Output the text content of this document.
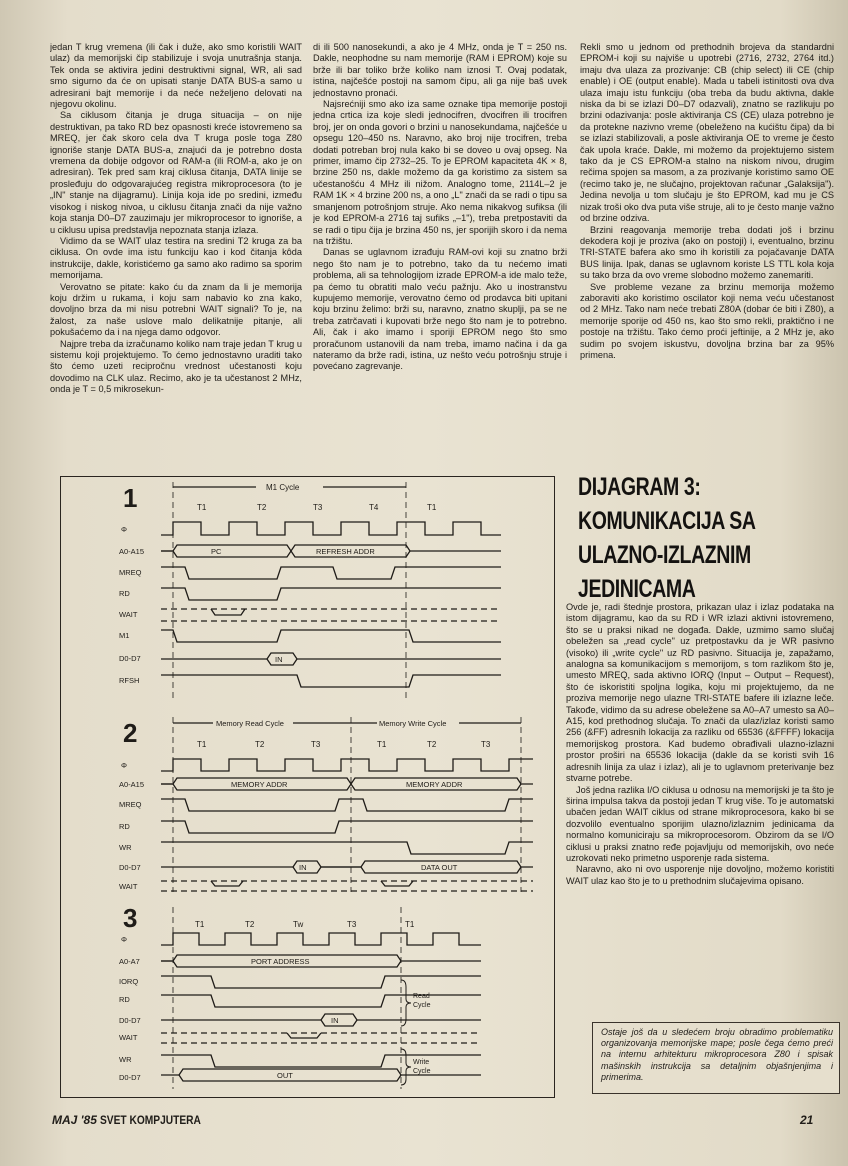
jedan T krug vremena (ili čak i duže, ako smo koristili WAIT ulaz) da memorijski čip stabilizuje i svoja unutrašnja stanja. Tek onda se aktivira jedini destruktivni signal, WR, ali sad smo sigurno da će on upisati stanje DATA BUS-a samo u adresirani bajt memorije i da neće neželjeno delovati na njegovu okolinu.

Sa ciklusom čitanja je druga situacija – on nije destruktivan, pa tako RD bez opasnosti kreće istovremeno sa MREQ, jer čak skoro cela dva T kruga posle toga Z80 ignoriše stanje DATA BUS-a, znajući da je potrebno dosta vremena da dobije odgovor od RAM-a (ili ROM-a, ako je on adresiran). Tek pred sam kraj ciklusa čitanja, DATA linije se prosleđuju do odgovarajućeg registra mikroprocesora (to je „IN" stanje na dijagramu). Linija koja ide po sredini, između visokog i niskog nivoa, u ciklusu čitanja znači da nije važno koja stanja D0–D7 zauzimaju jer mikroprocesor to ignoriše, a u ciklusu upisa predstavlja nepoznata stanja izlaza.

Vidimo da se WAIT ulaz testira na sredini T2 kruga za ba ciklusa. On ovde ima istu funkciju kao i kod čitanja kôda instrukcije, dakle, koristićemo ga samo ako radimo sa sporim memorijama.

Verovatno se pitate: kako ću da znam da li je memorija koju držim u rukama, i koju sam nabavio ko zna kako, dovoljno brza da mi nisu potrebni WAIT signali? To je, na žalost, za naše uslove malo delikatnije pitanje, ali pokušaćemo da i na njega damo odgovor.

Najpre treba da izračunamo koliko nam traje jedan T krug u sistemu koji projektujemo. To ćemo jednostavno uraditi tako što ćemo uzeti recipročnu vrednost učestanosti koju dovodimo na CLK ulaz. Recimo, ako je ta učestanost 2 MHz, onda je T = 0,5 mikrosekun-

di ili 500 nanosekundi, a ako je 4 MHz, onda je T = 250 ns. Dakle, neophodne su nam memorije (RAM i EPROM) koje su brže ili bar toliko brže koliko nam iznosi T. Ovaj podatak, istina, najčešće postoji na samom čipu, ali ga nije baš uvek jednostavno pronaći.

Najsrećniji smo ako iza same oznake tipa memorije postoji jedna crtica iza koje sledi jednocifren, dvocifren ili trocifren broj, jer on onda govori o brzini u nanosekundama, najčešće u opsegu 120–450 ns. Naravno, ako broj nije trocifren, treba dodati potreban broj nula kako bi se doveo u ovaj opseg. Na primer, imamo čip 2732–25. To je EPROM kapaciteta 4K × 8, brzine 250 ns, dakle možemo da ga koristimo za sistem sa učestanošću 4 MHz ili nižom. Analogno tome, 2114L–2 je RAM 1K × 4 brzine 200 ns, a ono „L" znači da se radi o tipu sa smanjenom potrošnjom struje. Ako nema nikakvog sufiksa (ili je kod EPROM-a 2716 taj sufiks „–1"), treba pretpostaviti da se radi o tipu čija je brzina 450 ns, jer sporijih skoro i da nema na tržištu.

Danas se uglavnom izrađuju RAM-ovi koji su znatno brži nego što nam je to potrebno, tako da tu nećemo imati problema, ali sa tehnologijom izrade EPROM-a ide malo teže, pa ćemo tu obratiti malo veću pažnju. Ako u inostranstvu kupujemo memorije, verovatno ćemo od prodavca biti upitani koju brzinu želimo: brži su, naravno, znatno skuplji, pa se ne treba zatrčavati i kupovati brže nego što nam je to potrebno. Ali, čak i ako imamo i sporiji EPROM nego što smo proračunom ustanovili da nam treba, imamo načina i da ga nateramo da brže radi, istina, uz nešto veću potrošnju struje i povećano zagrevanje.

Rekli smo u jednom od prethodnih brojeva da standardni EPROM-i koji su najviše u upotrebi (2716, 2732, 2764 itd.) imaju dva ulaza za prozivanje: CB (chip select) ili CE (chip enable) i OE (output enable). Mada u tabeli istinitosti ova dva ulaza imaju istu funkciju (oba treba da budu aktivna, dakle niska da bi se izlazi D0–D7 odazvali), znatno se razlikuju po brzini odazivanja: posle aktiviranja CS (CE) ulaza potrebno je da protekne nazivno vreme (obeleženo na kućištu čipa) da bi se izlazi stabilizovali, a posle aktiviranja OE to vreme je često čak upola kraće. Dakle, mi možemo da projektujemo sistem tako da je CS EPROM-a stalno na niskom nivou, drugim rečima spojen sa masom, a za prozivanje koristimo samo OE (recimo tako je, ne slučajno, projektovan računar „Galaksija"). Jedina nevolja u tom slučaju je što EPROM, kad mu je CS nizak troši oko dva puta više struje, ali to je često manje važno od brzine odziva.

Brzini reagovanja memorije treba dodati još i brzinu dekodera koji je proziva (ako on postoji) i, eventualno, brzinu TRI-STATE bafera ako smo ih koristili za pojačavanje DATA BUS linija. Ipak, danas se uglavnom koriste LS TTL kola koja su tako brza da ovo vreme slobodno možemo zanemariti.

Sve probleme vezane za brzinu memorija možemo zaboraviti ako koristimo oscilator koji nema veću učestanost od 2 MHz. Tako nam neće trebati Z80A (dobar će biti i Z80), a memorije sporije od 450 ns, kao što smo rekli, praktično i ne postoje na tržištu. Tako ćemo proći jeftinije, a 2 MHz je, ako sudim po svojem iskustvu, dovoljna brzina bar za 95% primena.

DIJAGRAM 3:
KOMUNIKACIJA SA
ULAZNO-IZLAZNIM
JEDINICAMA

Ovde je, radi štednje prostora, prikazan ulaz i izlaz podataka na istom dijagramu, kao da su RD i WR izlazi aktivni istovremeno, što se u praksi nikad ne događa. Dakle, uzmimo samo slučaj obeležen sa „read cycle" uz pretpostavku da je WR pasivno (visoko) ili „write cycle" uz RD pasivno. Situacija je, zapažamo, analogna sa komunikacijom s memorijom, s tom razlikom što je, umesto MREQ, sada aktivno IORQ (Input – Output – Request), što će iskoristiti spoljna logika, koju mi projektujemo, da ne proziva memorije nego ulazne TRI-STATE bafere ili izlazne leče. Takođe, vidimo da su adrese obeležene sa A0–A7 umesto sa A0–A15, kod prethodnog slučaja. To znači da ulaz/izlaz koristi samo 256 (&FF) adresnih lokacija za razliku od 65536 (&FFFF) lokacija memorijskog prostora. Kad budemo obrađivali ulazno-izlazni prostor proširi na 65536 lokacija (dakle da se koristi svih 16 adresnih linija za ulaz i izlaz), ali je to uglavnom preterivanje bez stvarne potrebe.

Još jedna razlika I/O ciklusa u odnosu na memorijski je ta što je širina impulsa takva da postoji jedan T krug više. To je automatski ubačen jedan WAIT ciklus od strane mikroprocesora, kako bi se dozvolilo eventualno sporijim ulazno/izlaznim jedinicama da normalno komuniciraju sa mikroprocesorom. Obzirom da se I/O ciklusi u praksi znatno ređe pojavljuju od memorijskih, ovo neće uzrokovati neko primetno usporenje rada sistema.

Naravno, ako ni ovo usporenje nije dovoljno, možemo koristiti WAIT ulaz kao što je to u prethodnim slučajevima opisano.

1	M1 Cycle
T1	T2	T3	T4	T1
Φ
A0-A15
MREQ
RD
WAIT
M1
D0-D7
RFSH
PC	REFRESH ADDR
IN
2	Memory Read Cycle	Memory Write Cycle
T1	T2	T3	T1	T2	T3
Φ
A0-A15
MREQ
RD
WR
D0-D7
WAIT
MEMORY ADDR	MEMORY ADDR
IN	DATA OUT
3	T1	T2	Tw	T3	T1
Φ
A0-A7
IORQ
RD
D0-D7
WAIT
WR
D0-D7
PORT ADDRESS
IN
OUT
Read
Cycle
Write
Cycle
Ostaje još da u sledećem broju obradimo problematiku organizovanja memorijske mape; posle čega ćemo preći na internu arhitekturu mikroprocesora Z80 i spisak mašinskih instrukcija sa detaljnim objašnjenjima i primerima.
MAJ '85 SVET KOMPJUTERA	21
